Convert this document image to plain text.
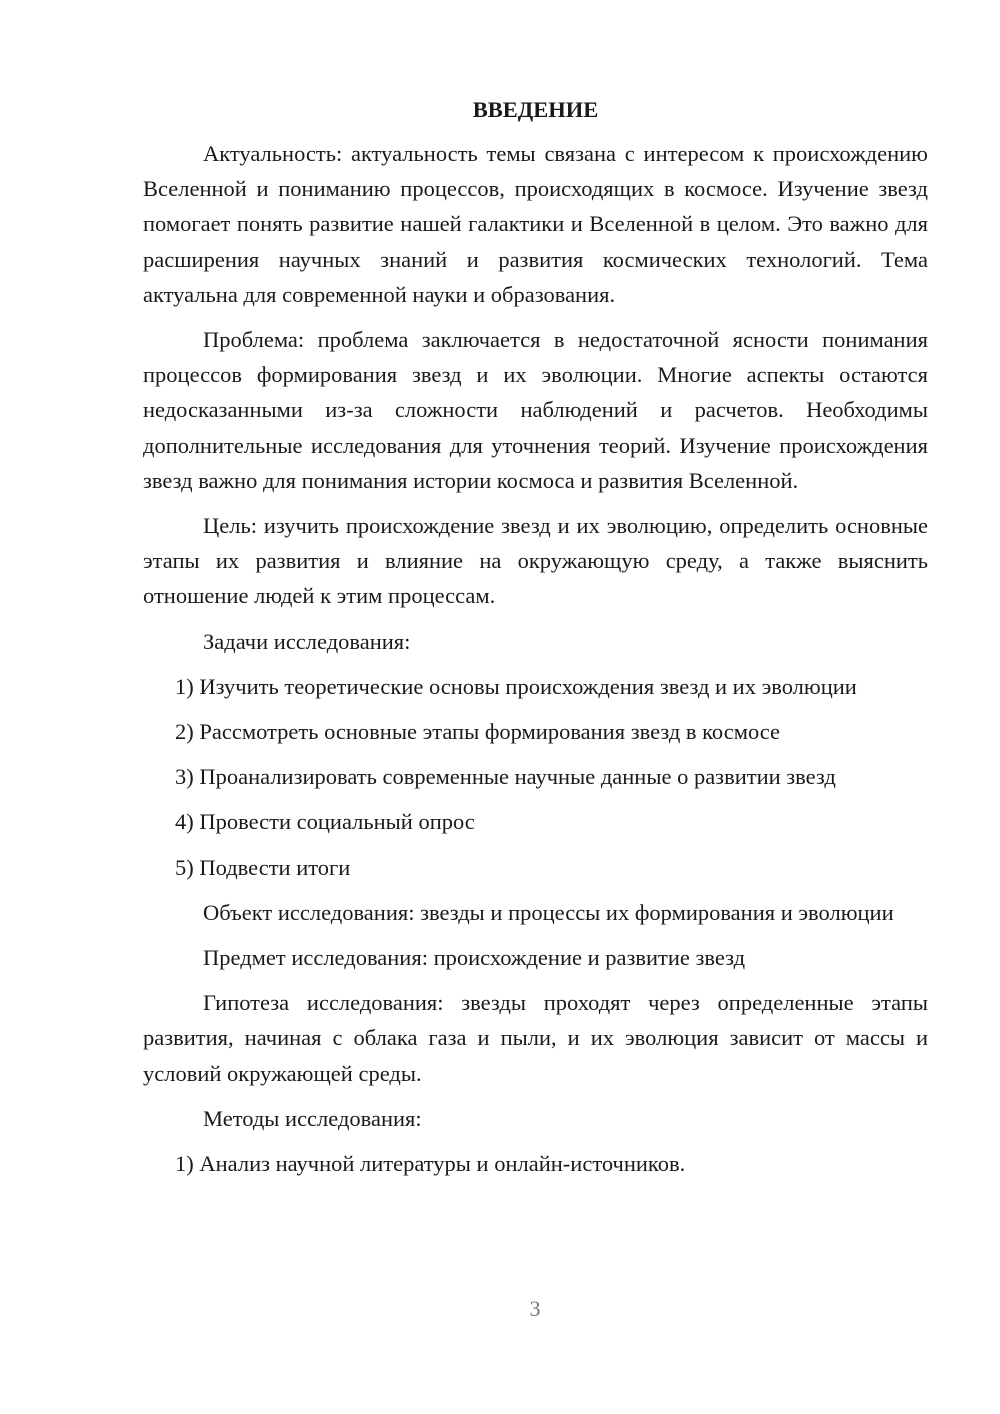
ВВЕДЕНИЕ

Актуальность: актуальность темы связана с интересом к происхождению Вселенной и пониманию процессов, происходящих в космосе. Изучение звезд помогает понять развитие нашей галактики и Вселенной в целом. Это важно для расширения научных знаний и развития космических технологий. Тема актуальна для современной науки и образования.

Проблема: проблема заключается в недостаточной ясности понимания процессов формирования звезд и их эволюции. Многие аспекты остаются недосказанными из-за сложности наблюдений и расчетов. Необходимы дополнительные исследования для уточнения теорий. Изучение происхождения звезд важно для понимания истории космоса и развития Вселенной.

Цель: изучить происхождение звезд и их эволюцию, определить основные этапы их развития и влияние на окружающую среду, а также выяснить отношение людей к этим процессам.

Задачи исследования:

1) Изучить теоретические основы происхождения звезд и их эволюции
2) Рассмотреть основные этапы формирования звезд в космосе
3) Проанализировать современные научные данные о развитии звезд
4) Провести социальный опрос
5) Подвести итоги

Объект исследования: звезды и процессы их формирования и эволюции

Предмет исследования: происхождение и развитие звезд

Гипотеза исследования: звезды проходят через определенные этапы развития, начиная с облака газа и пыли, и их эволюция зависит от массы и условий окружающей среды.

Методы исследования:

1) Анализ научной литературы и онлайн-источников.
3
